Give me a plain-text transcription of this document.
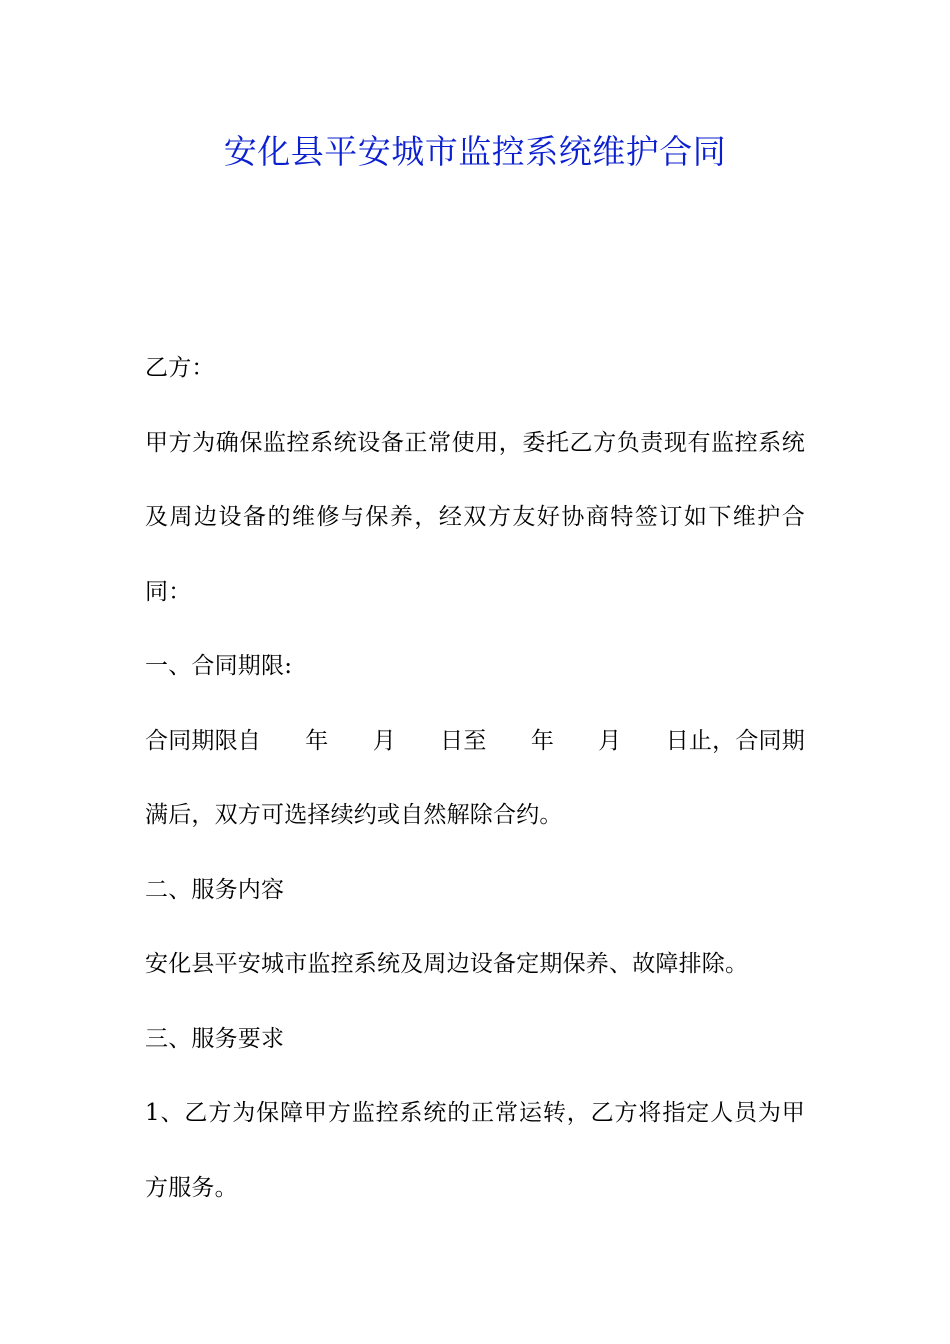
安化县平安城市监控系统维护合同

乙方：

甲方为确保监控系统设备正常使用，委托乙方负责现有监控系统及周边设备的维修与保养，经双方友好协商特签订如下维护合同：

一、合同期限:

合同期限自 年 月 日至 年 月 日止，合同期

满后，双方可选择续约或自然解除合约。

二、服务内容

安化县平安城市监控系统及周边设备定期保养、故障排除。

三、服务要求

1、乙方为保障甲方监控系统的正常运转，乙方将指定人员为甲方服务。
